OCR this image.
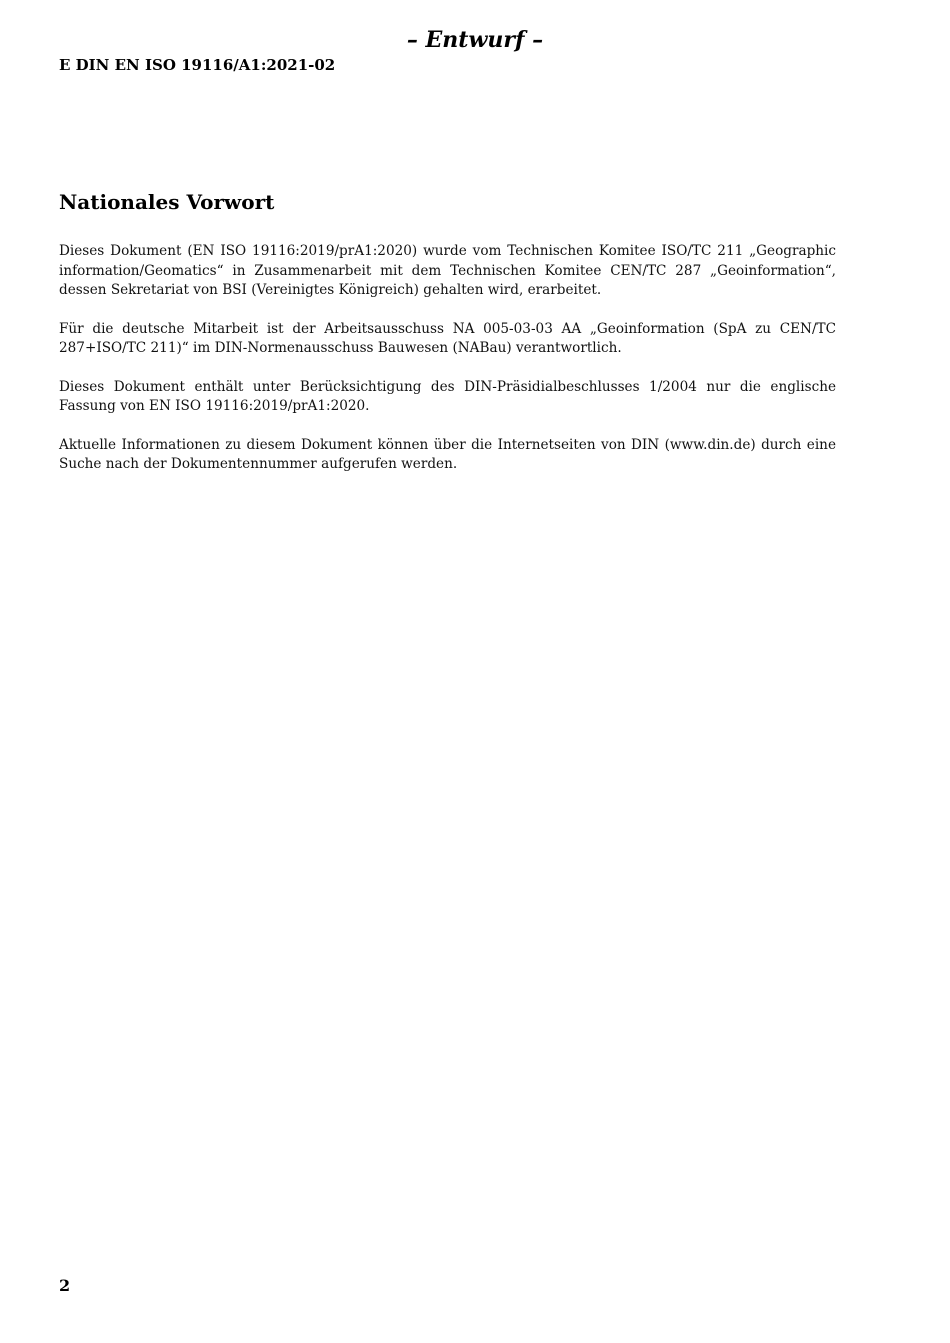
– Entwurf –
E DIN EN ISO 19116/A1:2021-02
Nationales Vorwort

Dieses Dokument (EN ISO 19116:2019/prA1:2020) wurde vom Technischen Komitee ISO/TC 211 „Geographic information/Geomatics“ in Zusammenarbeit mit dem Technischen Komitee CEN/TC 287 „Geoinformation“, dessen Sekretariat von BSI (Vereinigtes Königreich) gehalten wird, erarbeitet.

Für die deutsche Mitarbeit ist der Arbeitsausschuss NA 005-03-03 AA „Geoinformation (SpA zu CEN/TC 287+ISO/TC 211)“ im DIN-Normenausschuss Bauwesen (NABau) verantwortlich.

Dieses Dokument enthält unter Berücksichtigung des DIN-Präsidialbeschlusses 1/2004 nur die englische Fassung von EN ISO 19116:2019/prA1:2020.

Aktuelle Informationen zu diesem Dokument können über die Internetseiten von DIN (www.din.de) durch eine Suche nach der Dokumentennummer aufgerufen werden.

2
